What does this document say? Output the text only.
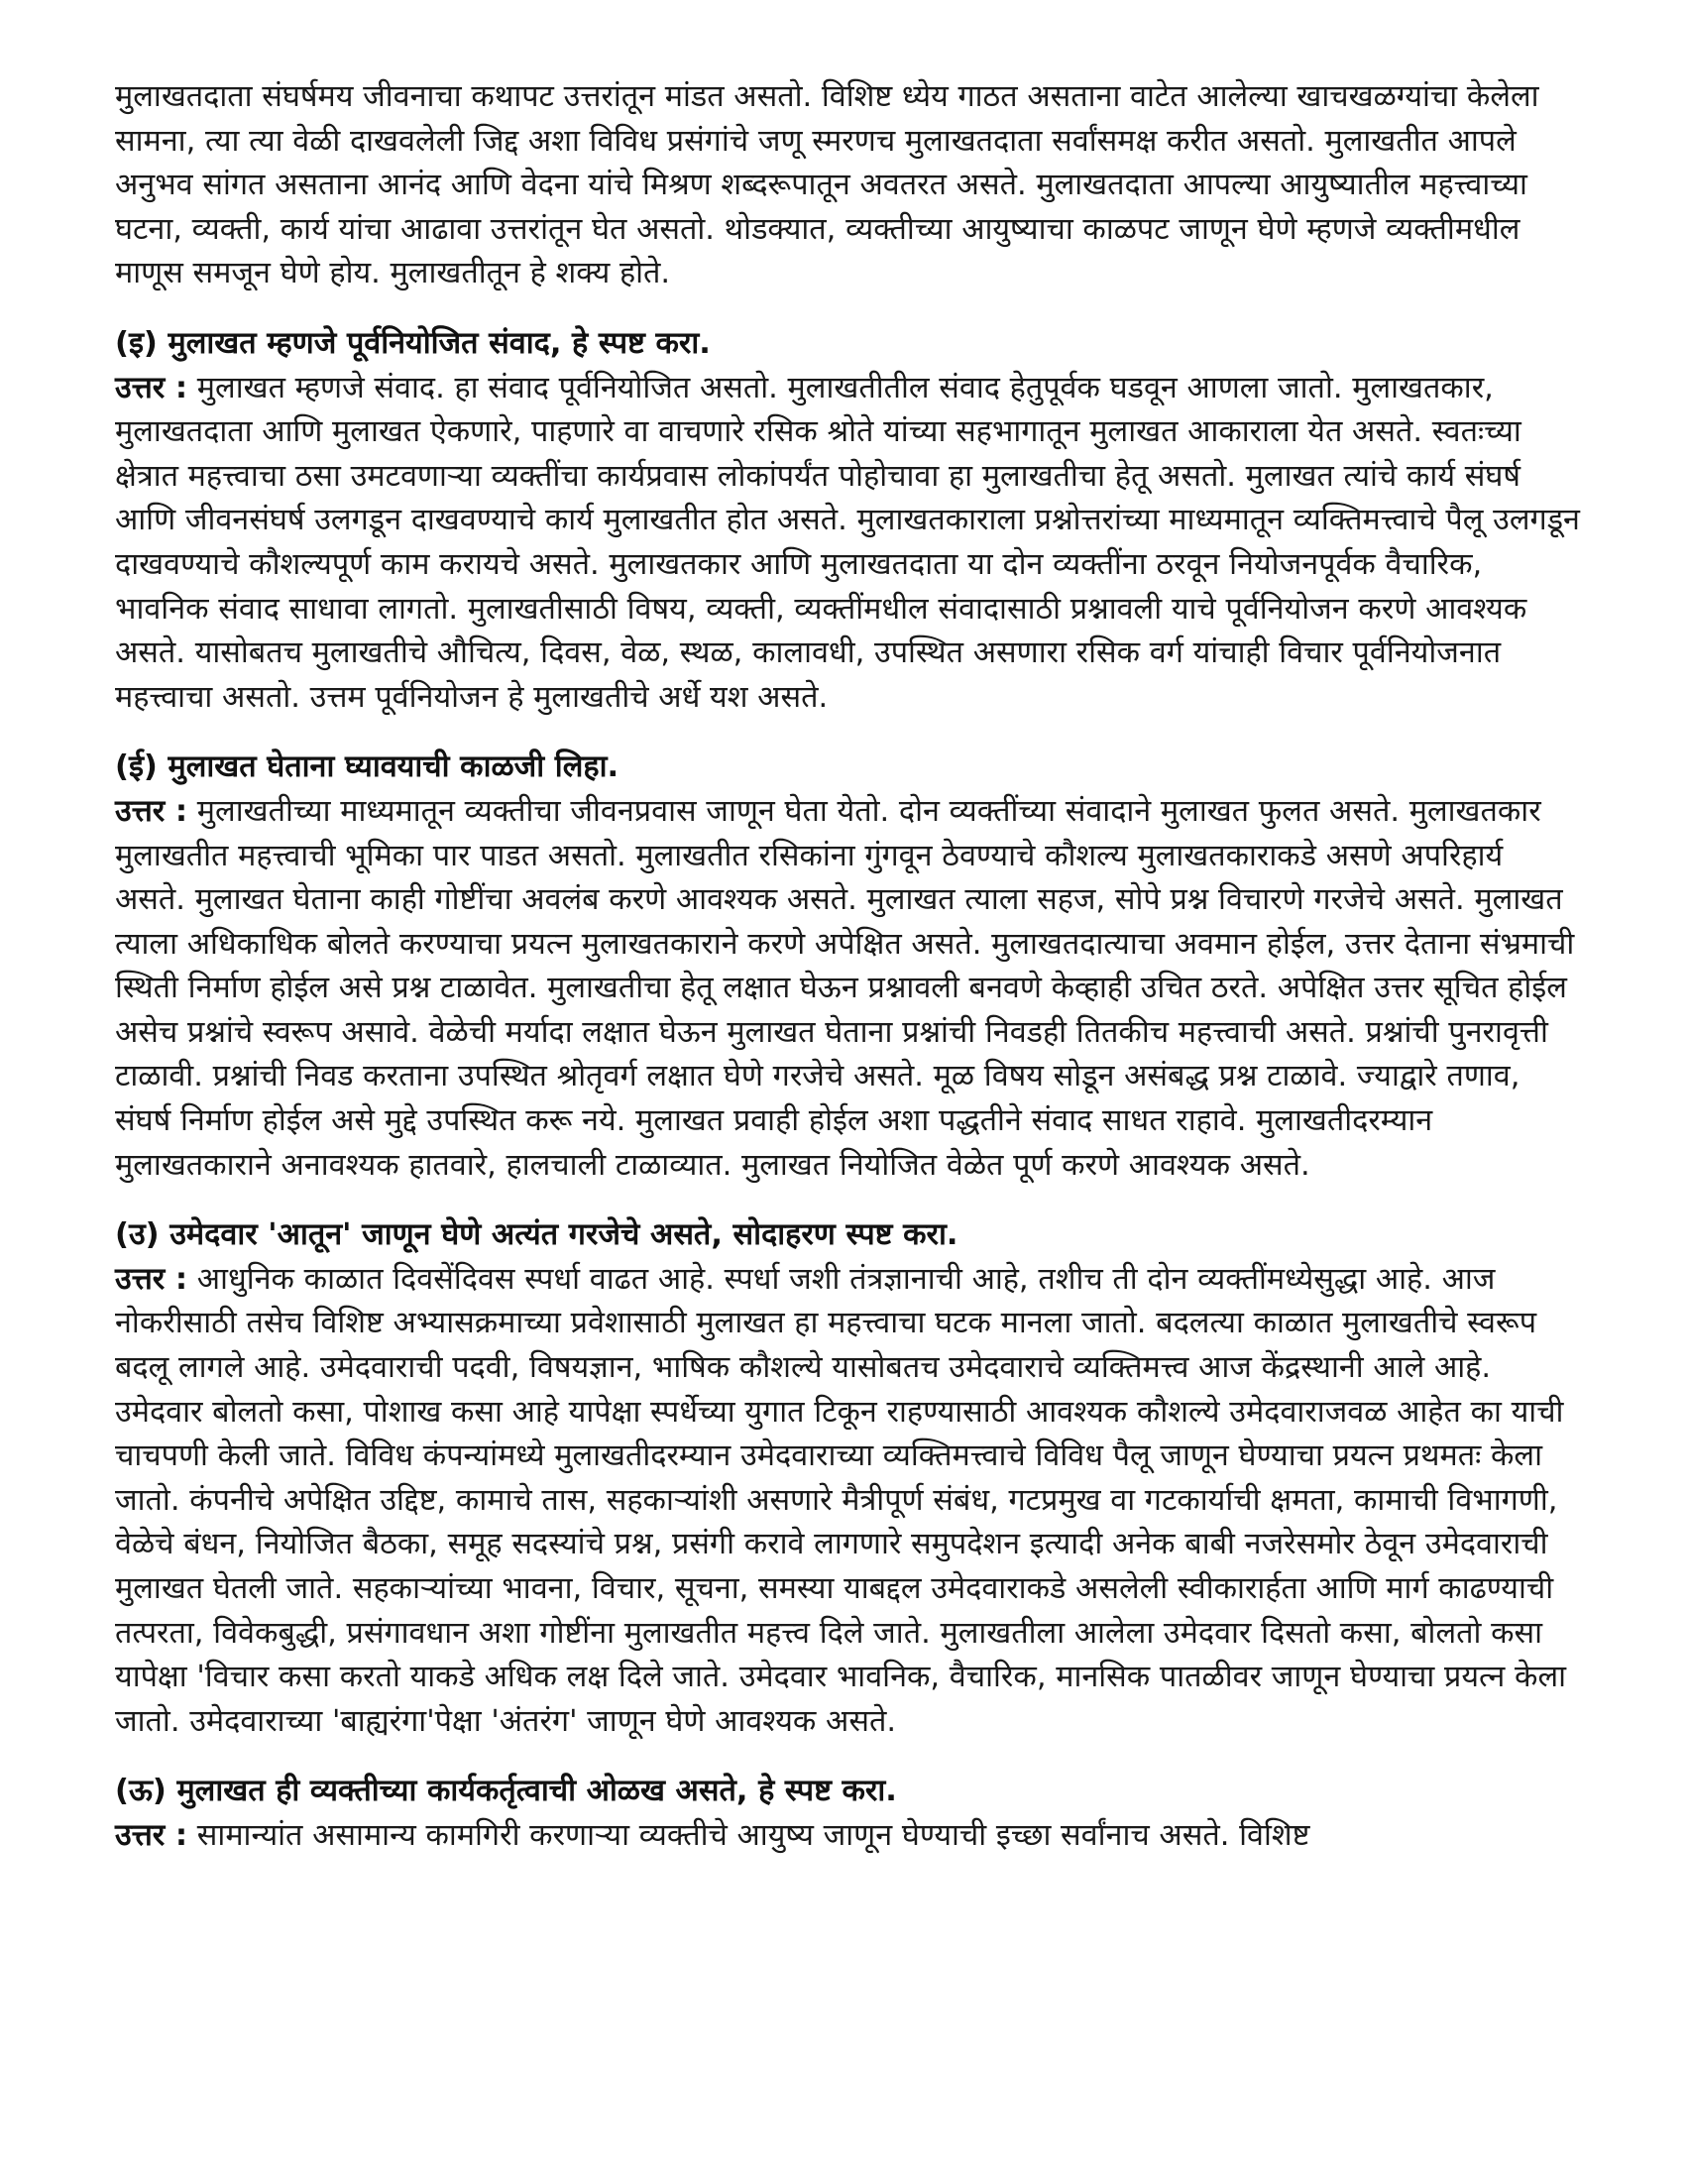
मुलाखतदाता संघर्षमय जीवनाचा कथापट उत्तरांतून मांडत असतो. विशिष्ट ध्येय गाठत असताना वाटेत आलेल्या खाचखळग्यांचा केलेला सामना, त्या त्या वेळी दाखवलेली जिद्द अशा विविध प्रसंगांचे जणू स्मरणच मुलाखतदाता सर्वांसमक्ष करीत असतो. मुलाखतीत आपले अनुभव सांगत असताना आनंद आणि वेदना यांचे मिश्रण शब्दरूपातून अवतरत असते. मुलाखतदाता आपल्या आयुष्यातील महत्त्वाच्या घटना, व्यक्ती, कार्य यांचा आढावा उत्तरांतून घेत असतो. थोडक्यात, व्यक्तीच्या आयुष्याचा काळपट जाणून घेणे म्हणजे व्यक्तीमधील माणूस समजून घेणे होय. मुलाखतीतून हे शक्य होते.

(इ) मुलाखत म्हणजे पूर्वनियोजित संवाद, हे स्पष्ट करा.

उत्तर : मुलाखत म्हणजे संवाद. हा संवाद पूर्वनियोजित असतो. मुलाखतीतील संवाद हेतुपूर्वक घडवून आणला जातो. मुलाखतकार, मुलाखतदाता आणि मुलाखत ऐकणारे, पाहणारे वा वाचणारे रसिक श्रोते यांच्या सहभागातून मुलाखत आकाराला येत असते. स्वतःच्या क्षेत्रात महत्त्वाचा ठसा उमटवणाऱ्या व्यक्तींचा कार्यप्रवास लोकांपर्यंत पोहोचावा हा मुलाखतीचा हेतू असतो. मुलाखत त्यांचे कार्य संघर्ष आणि जीवनसंघर्ष उलगडून दाखवण्याचे कार्य मुलाखतीत होत असते. मुलाखतकाराला प्रश्नोत्तरांच्या माध्यमातून व्यक्तिमत्त्वाचे पैलू उलगडून दाखवण्याचे कौशल्यपूर्ण काम करायचे असते. मुलाखतकार आणि मुलाखतदाता या दोन व्यक्तींना ठरवून नियोजनपूर्वक वैचारिक, भावनिक संवाद साधावा लागतो. मुलाखतीसाठी विषय, व्यक्ती, व्यक्तींमधील संवादासाठी प्रश्नावली याचे पूर्वनियोजन करणे आवश्यक असते. यासोबतच मुलाखतीचे औचित्य, दिवस, वेळ, स्थळ, कालावधी, उपस्थित असणारा रसिक वर्ग यांचाही विचार पूर्वनियोजनात महत्त्वाचा असतो. उत्तम पूर्वनियोजन हे मुलाखतीचे अर्धे यश असते.

(ई) मुलाखत घेताना घ्यावयाची काळजी लिहा.

उत्तर : मुलाखतीच्या माध्यमातून व्यक्तीचा जीवनप्रवास जाणून घेता येतो. दोन व्यक्तींच्या संवादाने मुलाखत फुलत असते. मुलाखतकार मुलाखतीत महत्त्वाची भूमिका पार पाडत असतो. मुलाखतीत रसिकांना गुंगवून ठेवण्याचे कौशल्य मुलाखतकाराकडे असणे अपरिहार्य असते. मुलाखत घेताना काही गोष्टींचा अवलंब करणे आवश्यक असते. मुलाखत त्याला सहज, सोपे प्रश्न विचारणे गरजेचे असते. मुलाखत त्याला अधिकाधिक बोलते करण्याचा प्रयत्न मुलाखतकाराने करणे अपेक्षित असते. मुलाखतदात्याचा अवमान होईल, उत्तर देताना संभ्रमाची स्थिती निर्माण होईल असे प्रश्न टाळावेत. मुलाखतीचा हेतू लक्षात घेऊन प्रश्नावली बनवणे केव्हाही उचित ठरते. अपेक्षित उत्तर सूचित होईल असेच प्रश्नांचे स्वरूप असावे. वेळेची मर्यादा लक्षात घेऊन मुलाखत घेताना प्रश्नांची निवडही तितकीच महत्त्वाची असते. प्रश्नांची पुनरावृत्ती टाळावी. प्रश्नांची निवड करताना उपस्थित श्रोतृवर्ग लक्षात घेणे गरजेचे असते. मूळ विषय सोडून असंबद्ध प्रश्न टाळावे. ज्याद्वारे तणाव, संघर्ष निर्माण होईल असे मुद्दे उपस्थित करू नये. मुलाखत प्रवाही होईल अशा पद्धतीने संवाद साधत राहावे. मुलाखतीदरम्यान मुलाखतकाराने अनावश्यक हातवारे, हालचाली टाळाव्यात. मुलाखत नियोजित वेळेत पूर्ण करणे आवश्यक असते.

(उ) उमेदवार 'आतून' जाणून घेणे अत्यंत गरजेचे असते, सोदाहरण स्पष्ट करा.

उत्तर : आधुनिक काळात दिवसेंदिवस स्पर्धा वाढत आहे. स्पर्धा जशी तंत्रज्ञानाची आहे, तशीच ती दोन व्यक्तींमध्येसुद्धा आहे. आज नोकरीसाठी तसेच विशिष्ट अभ्यासक्रमाच्या प्रवेशासाठी मुलाखत हा महत्त्वाचा घटक मानला जातो. बदलत्या काळात मुलाखतीचे स्वरूप बदलू लागले आहे. उमेदवाराची पदवी, विषयज्ञान, भाषिक कौशल्ये यासोबतच उमेदवाराचे व्यक्तिमत्त्व आज केंद्रस्थानी आले आहे. उमेदवार बोलतो कसा, पोशाख कसा आहे यापेक्षा स्पर्धेच्या युगात टिकून राहण्यासाठी आवश्यक कौशल्ये उमेदवाराजवळ आहेत का याची चाचपणी केली जाते. विविध कंपन्यांमध्ये मुलाखतीदरम्यान उमेदवाराच्या व्यक्तिमत्त्वाचे विविध पैलू जाणून घेण्याचा प्रयत्न प्रथमतः केला जातो. कंपनीचे अपेक्षित उद्दिष्ट, कामाचे तास, सहकाऱ्यांशी असणारे मैत्रीपूर्ण संबंध, गटप्रमुख वा गटकार्याची क्षमता, कामाची विभागणी, वेळेचे बंधन, नियोजित बैठका, समूह सदस्यांचे प्रश्न, प्रसंगी करावे लागणारे समुपदेशन इत्यादी अनेक बाबी नजरेसमोर ठेवून उमेदवाराची मुलाखत घेतली जाते. सहकाऱ्यांच्या भावना, विचार, सूचना, समस्या याबद्दल उमेदवाराकडे असलेली स्वीकारार्हता आणि मार्ग काढण्याची तत्परता, विवेकबुद्धी, प्रसंगावधान अशा गोष्टींना मुलाखतीत महत्त्व दिले जाते. मुलाखतीला आलेला उमेदवार दिसतो कसा, बोलतो कसा यापेक्षा 'विचार कसा करतो याकडे अधिक लक्ष दिले जाते. उमेदवार भावनिक, वैचारिक, मानसिक पातळीवर जाणून घेण्याचा प्रयत्न केला जातो. उमेदवाराच्या 'बाह्यरंगा'पेक्षा 'अंतरंग' जाणून घेणे आवश्यक असते.

(ऊ) मुलाखत ही व्यक्तीच्या कार्यकर्तृत्वाची ओळख असते, हे स्पष्ट करा.

उत्तर : सामान्यांत असामान्य कामगिरी करणाऱ्या व्यक्तीचे आयुष्य जाणून घेण्याची इच्छा सर्वांनाच असते. विशिष्ट
